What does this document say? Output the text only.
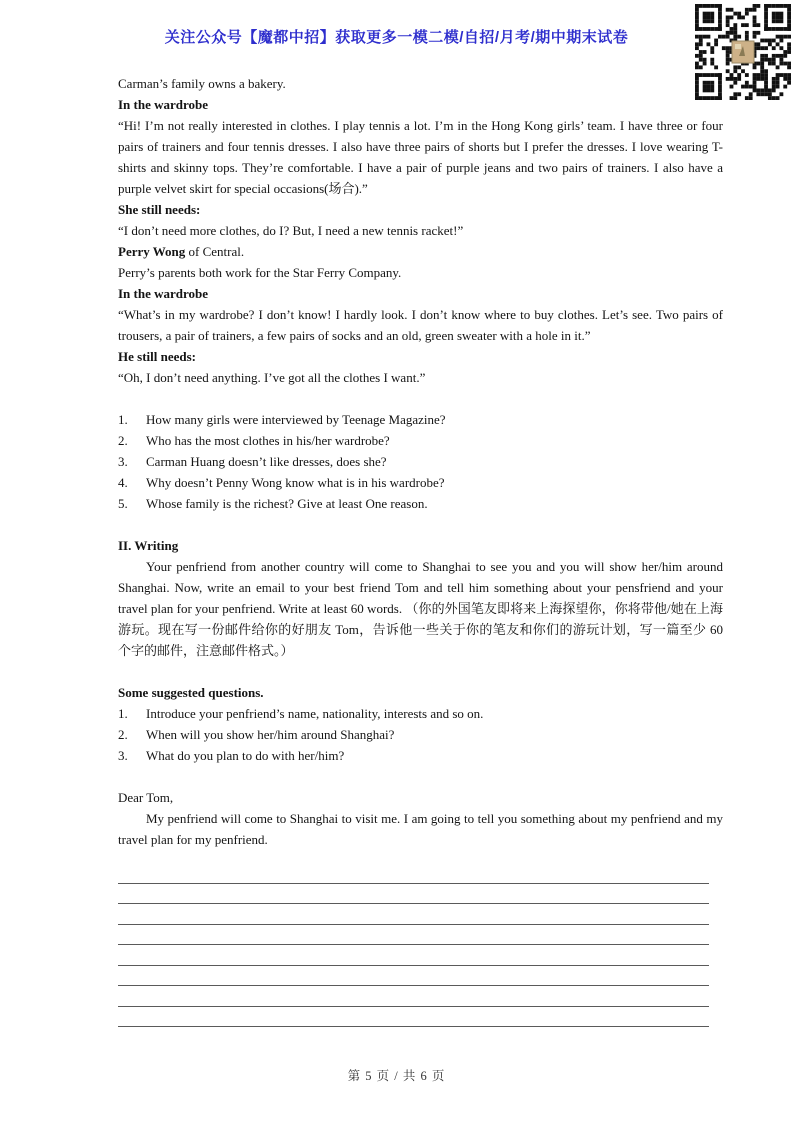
关注公众号【魔都中招】获取更多一模二模/自招/月考/期中期末试卷
Carman’s family owns a bakery.
In the wardrobe
“Hi! I’m not really interested in clothes. I play tennis a lot. I’m in the Hong Kong girls’ team. I have three or four pairs of trainers and four tennis dresses. I also have three pairs of shorts but I prefer the dresses. I love wearing T-shirts and skinny tops. They’re comfortable. I have a pair of purple jeans and two pairs of trainers. I also have a purple velvet skirt for special occasions(场合).”
She still needs:
“I don’t need more clothes, do I? But, I need a new tennis racket!”
Perry Wong of Central.
Perry’s parents both work for the Star Ferry Company.
In the wardrobe
“What’s in my wardrobe? I don’t know! I hardly look. I don’t know where to buy clothes. Let’s see. Two pairs of trousers, a pair of trainers, a few pairs of socks and an old, green sweater with a hole in it.”
He still needs:
“Oh, I don’t need anything. I’ve got all the clothes I want.”
1.	How many girls were interviewed by Teenage Magazine?
2.	Who has the most clothes in his/her wardrobe?
3.	Carman Huang doesn’t like dresses, does she?
4.	Why doesn’t Penny Wong know what is in his wardrobe?
5.	Whose family is the richest? Give at least One reason.
II. Writing
Your penfriend from another country will come to Shanghai to see you and you will show her/him around Shanghai. Now, write an email to your best friend Tom and tell him something about your pensfriend and your travel plan for your penfriend. Write at least 60 words. （你的外国笔友即将来上海探望你，你将带他/她在上海游玩。现在写一份邮件给你的好朋友 Tom，告诉他一些关于你的笔友和你们的游玩计划，写一篇至少 60 个字的邮件，注意邮件格式。）
Some suggested questions.
1.	Introduce your penfriend’s name, nationality, interests and so on.
2.	When will you show her/him around Shanghai?
3.	What do you plan to do with her/him?
Dear Tom,
My penfriend will come to Shanghai to visit me. I am going to tell you something about my penfriend and my travel plan for my penfriend.
第 5 页 / 共 6 页
